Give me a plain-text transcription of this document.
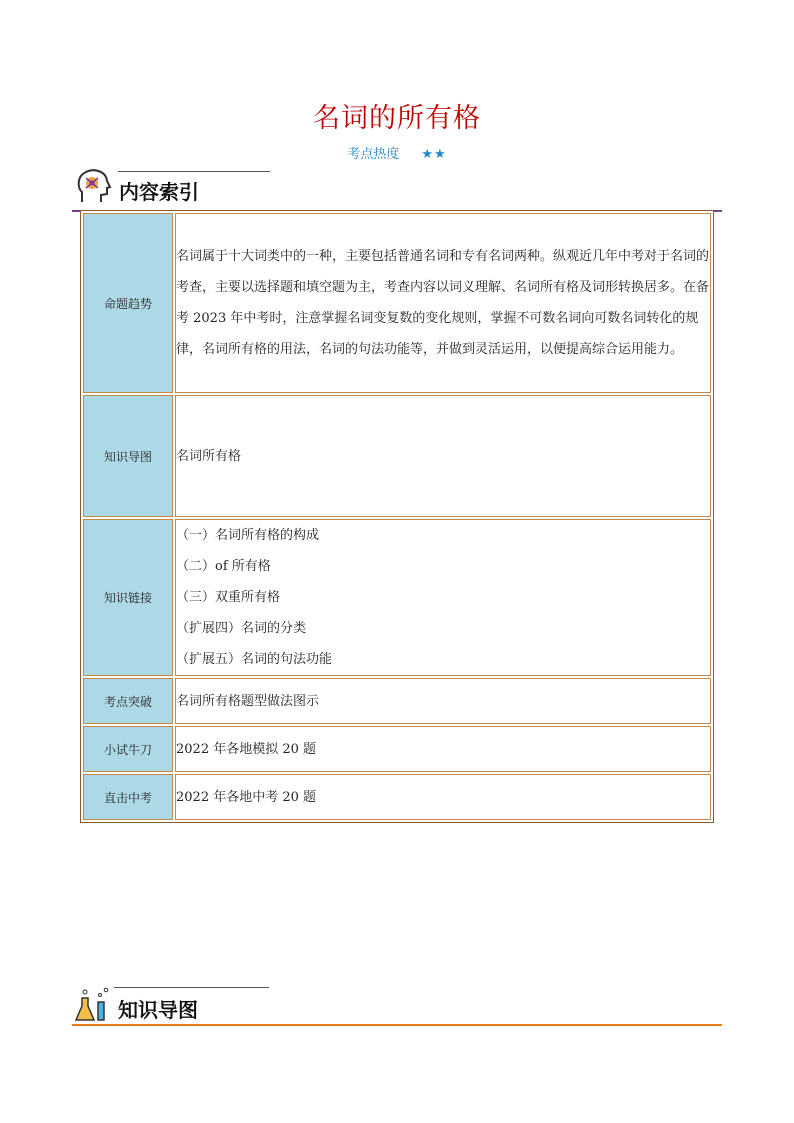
名词的所有格
考点热度 ★★
内容索引
命题趋势	名词属于十大词类中的一种，主要包括普通名词和专有名词两种。纵观近几年中考对于名词的考查，主要以选择题和填空题为主，考查内容以词义理解、名词所有格及词形转换居多。在备考 2023 年中考时，注意掌握名词变复数的变化规则，掌握不可数名词向可数名词转化的规律，名词所有格的用法，名词的句法功能等，并做到灵活运用，以便提高综合运用能力。
知识导图	名词所有格
知识链接	（一）名词所有格的构成
（二）of 所有格
（三）双重所有格
（扩展四）名词的分类
（扩展五）名词的句法功能

考点突破	名词所有格题型做法图示
小试牛刀	2022 年各地模拟 20 题
直击中考	2022 年各地中考 20 题
知识导图
